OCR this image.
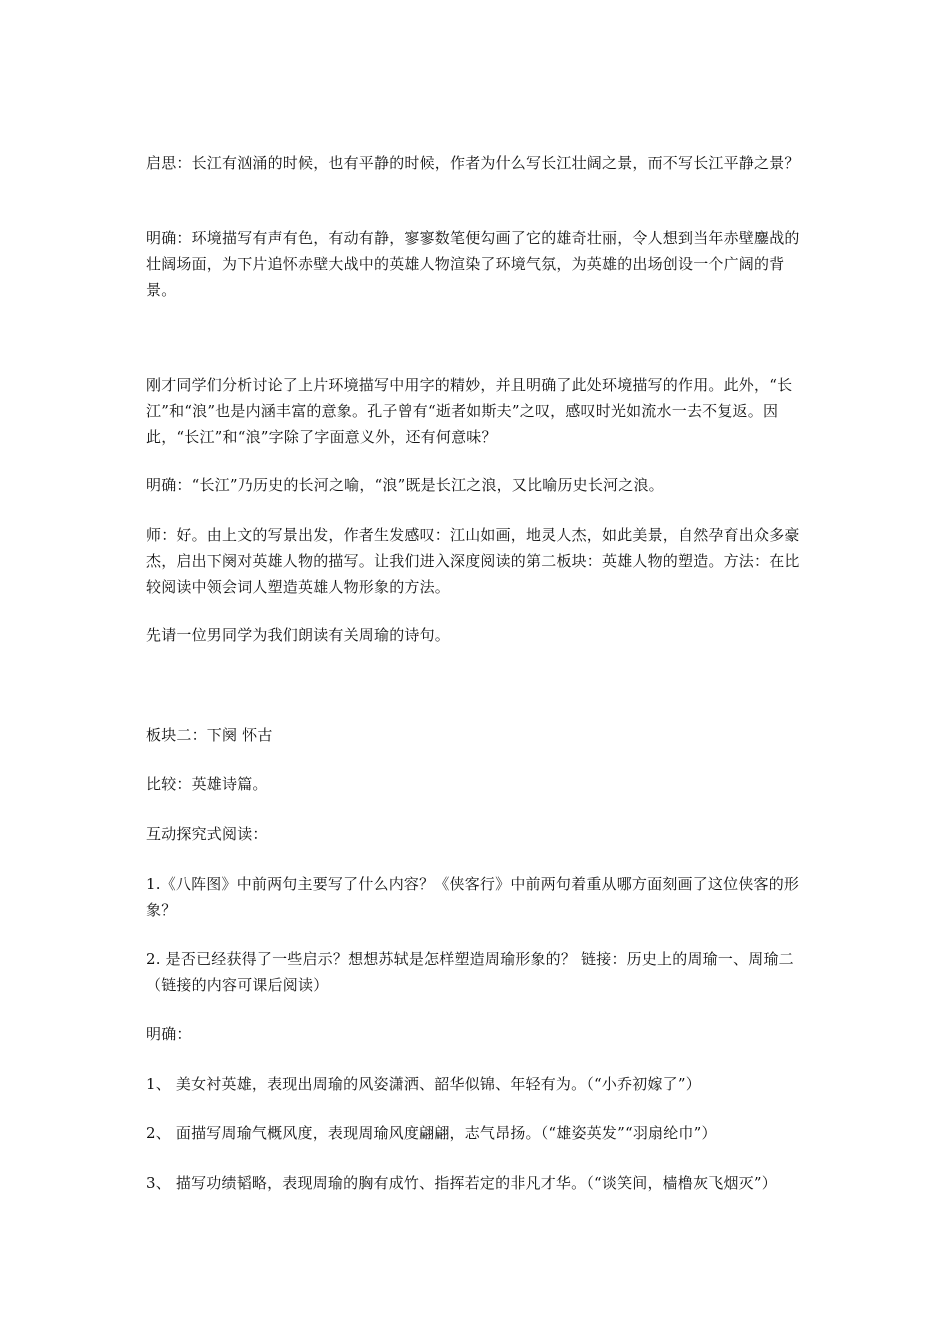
启思：长江有汹涌的时候，也有平静的时候，作者为什么写长江壮阔之景，而不写长江平静之景？
明确：环境描写有声有色，有动有静，寥寥数笔便勾画了它的雄奇壮丽，令人想到当年赤壁鏖战的壮阔场面，为下片追怀赤壁大战中的英雄人物渲染了环境气氛，为英雄的出场创设一个广阔的背景。
刚才同学们分析讨论了上片环境描写中用字的精妙，并且明确了此处环境描写的作用。此外，“长江”和“浪”也是内涵丰富的意象。孔子曾有“逝者如斯夫”之叹，感叹时光如流水一去不复返。因此，“长江”和“浪”字除了字面意义外，还有何意味？
明确：“长江”乃历史的长河之喻，“浪”既是长江之浪，又比喻历史长河之浪。
师：好。由上文的写景出发，作者生发感叹：江山如画，地灵人杰，如此美景，自然孕育出众多豪杰，启出下阕对英雄人物的描写。让我们进入深度阅读的第二板块：英雄人物的塑造。方法：在比较阅读中领会词人塑造英雄人物形象的方法。
先请一位男同学为我们朗读有关周瑜的诗句。
板块二：下阕 怀古
比较：英雄诗篇。
互动探究式阅读：
1.《八阵图》中前两句主要写了什么内容？《侠客行》中前两句着重从哪方面刻画了这位侠客的形象？
2. 是否已经获得了一些启示？想想苏轼是怎样塑造周瑜形象的？ 链接：历史上的周瑜一、周瑜二（链接的内容可课后阅读）
明确：
1、 美女衬英雄，表现出周瑜的风姿潇洒、韶华似锦、年轻有为。（“小乔初嫁了”）
2、 面描写周瑜气概风度，表现周瑜风度翩翩，志气昂扬。（“雄姿英发”“羽扇纶巾”）
3、 描写功绩韬略，表现周瑜的胸有成竹、指挥若定的非凡才华。（“谈笑间，樯橹灰飞烟灭”）
